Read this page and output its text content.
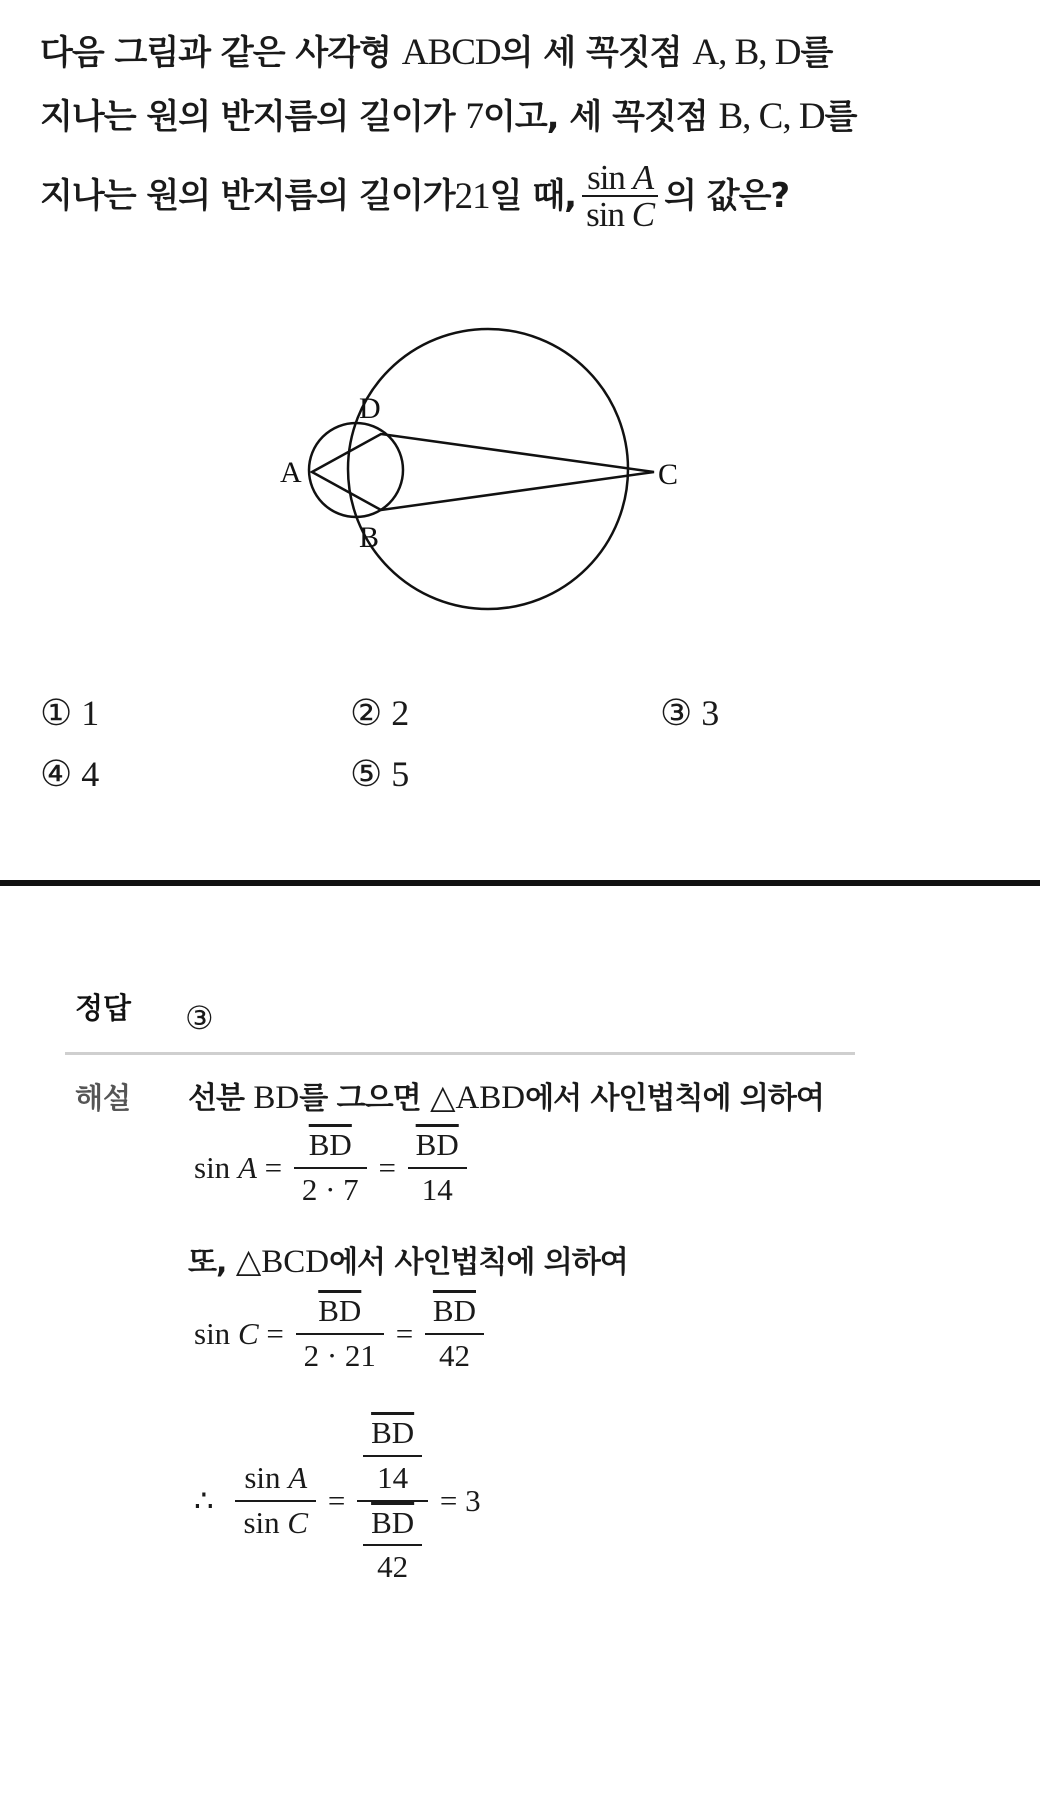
다음 그림과 같은 사각형 ABCD의 세 꼭짓점 A, B, D를
지나는 원의 반지름의 길이가 7이고, 세 꼭짓점 B, C, D를
지나는 원의 반지름의 길이가21일 때, $\frac{\text{sin A}}{\text{sin C}}$ 의 값은?
A
D
B
C
① 1	② 2	③ 3
④ 4	⑤ 5
정답 ③
해설 선분 BD를 그으면 △ABD에서 사인법칙에 의하여
$\sin A = \frac{\overline{BD}}{2 \cdot 7} = \frac{\overline{BD}}{14}$
또, △BCD에서 사인법칙에 의하여
$\sin C = \frac{\overline{BD}}{2 \cdot 21} = \frac{\overline{BD}}{42}$
∴ $\frac{\text{sin A}}{\text{sin C}} = \frac{\frac{\overline{BD}}{14}}{\frac{\overline{BD}}{42}} = 3$
